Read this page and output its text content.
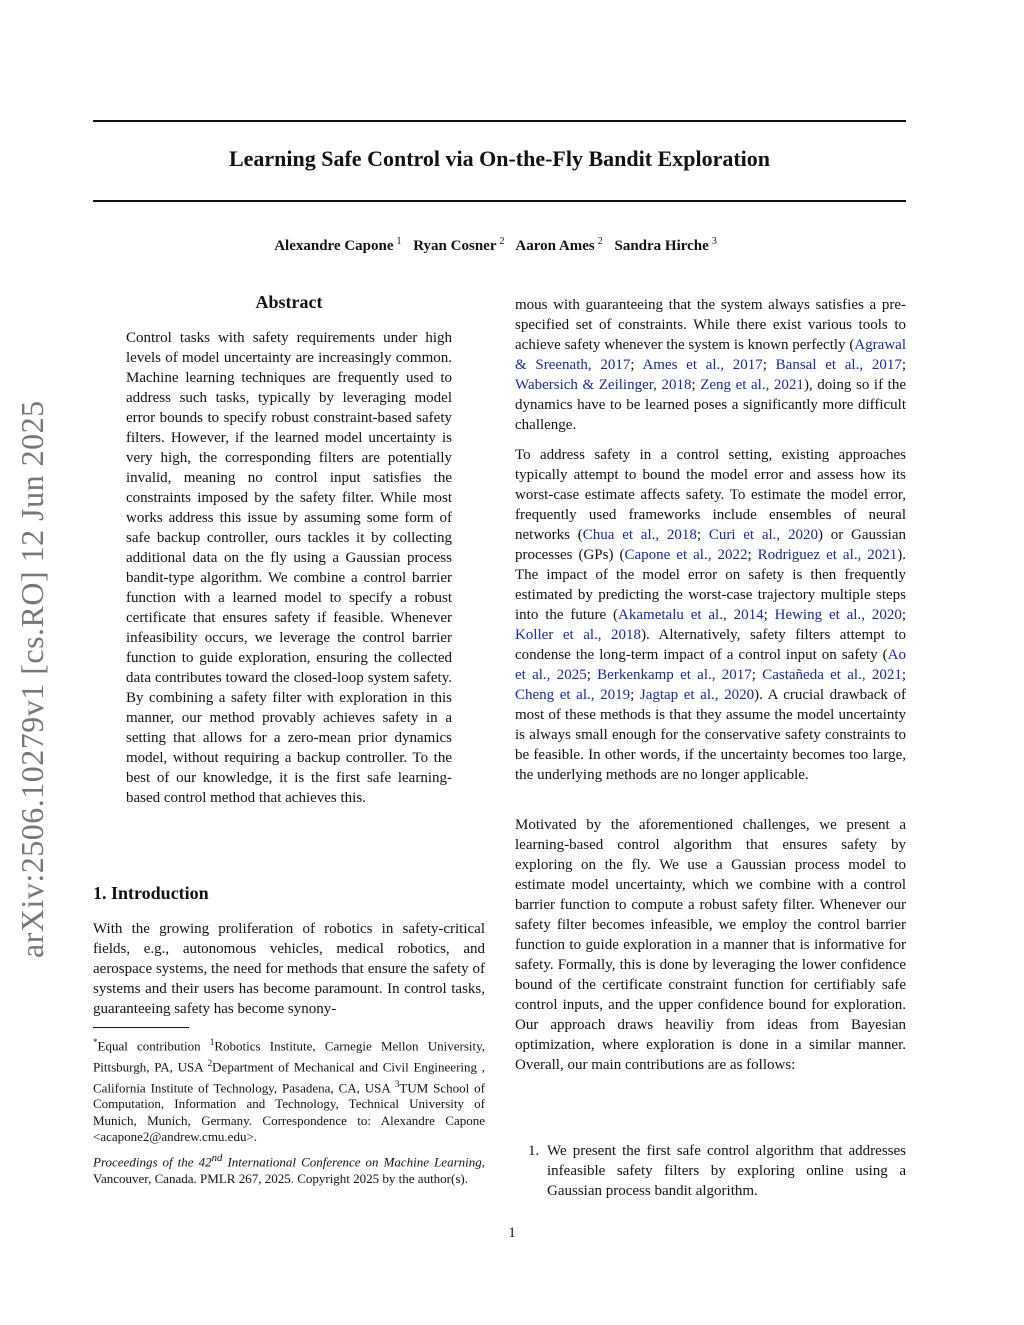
Learning Safe Control via On-the-Fly Bandit Exploration
Alexandre Capone $^1$ Ryan Cosner $^2$ Aaron Ames $^2$ Sandra Hirche $^3$
arXiv:2506.10279v1 [cs.RO] 12 Jun 2025
Abstract

Control tasks with safety requirements under high levels of model uncertainty are increasingly common. Machine learning techniques are frequently used to address such tasks, typically by leveraging model error bounds to specify robust constraint-based safety filters. However, if the learned model uncertainty is very high, the corresponding filters are potentially invalid, meaning no control input satisfies the constraints imposed by the safety filter. While most works address this issue by assuming some form of safe backup controller, ours tackles it by collecting additional data on the fly using a Gaussian process bandit-type algorithm. We combine a control barrier function with a learned model to specify a robust certificate that ensures safety if feasible. Whenever infeasibility occurs, we leverage the control barrier function to guide exploration, ensuring the collected data contributes toward the closed-loop system safety. By combining a safety filter with exploration in this manner, our method provably achieves safety in a setting that allows for a zero-mean prior dynamics model, without requiring a backup controller. To the best of our knowledge, it is the first safe learning-based control method that achieves this.

1. Introduction

With the growing proliferation of robotics in safety-critical fields, e.g., autonomous vehicles, medical robotics, and aerospace systems, the need for methods that ensure the safety of systems and their users has become paramount. In control tasks, guaranteeing safety has become synony-

*Equal contribution $^1$Robotics Institute, Carnegie Mellon University, Pittsburgh, PA, USA $^2$Department of Mechanical and Civil Engineering , California Institute of Technology, Pasadena, CA, USA $^3$TUM School of Computation, Information and Technology, Technical University of Munich, Munich, Germany. Correspondence to: Alexandre Capone <acapone2@andrew.cmu.edu>.

Proceedings of the 42nd International Conference on Machine Learning, Vancouver, Canada. PMLR 267, 2025. Copyright 2025 by the author(s).

mous with guaranteeing that the system always satisfies a pre-specified set of constraints. While there exist various tools to achieve safety whenever the system is known perfectly (Agrawal & Sreenath, 2017; Ames et al., 2017; Bansal et al., 2017; Wabersich & Zeilinger, 2018; Zeng et al., 2021), doing so if the dynamics have to be learned poses a significantly more difficult challenge.

To address safety in a control setting, existing approaches typically attempt to bound the model error and assess how its worst-case estimate affects safety. To estimate the model error, frequently used frameworks include ensembles of neural networks (Chua et al., 2018; Curi et al., 2020) or Gaussian processes (GPs) (Capone et al., 2022; Rodriguez et al., 2021). The impact of the model error on safety is then frequently estimated by predicting the worst-case trajectory multiple steps into the future (Akametalu et al., 2014; Hewing et al., 2020; Koller et al., 2018). Alternatively, safety filters attempt to condense the long-term impact of a control input on safety (Ao et al., 2025; Berkenkamp et al., 2017; Castañeda et al., 2021; Cheng et al., 2019; Jagtap et al., 2020). A crucial drawback of most of these methods is that they assume the model uncertainty is always small enough for the conservative safety constraints to be feasible. In other words, if the uncertainty becomes too large, the underlying methods are no longer applicable.

Motivated by the aforementioned challenges, we present a learning-based control algorithm that ensures safety by exploring on the fly. We use a Gaussian process model to estimate model uncertainty, which we combine with a control barrier function to compute a robust safety filter. Whenever our safety filter becomes infeasible, we employ the control barrier function to guide exploration in a manner that is informative for safety. Formally, this is done by leveraging the lower confidence bound of the certificate constraint function for certifiably safe control inputs, and the upper confidence bound for exploration. Our approach draws heaviliy from ideas from Bayesian optimization, where exploration is done in a similar manner. Overall, our main contributions are as follows:

1. We present the first safe control algorithm that addresses infeasible safety filters by exploring online using a Gaussian process bandit algorithm.

1
